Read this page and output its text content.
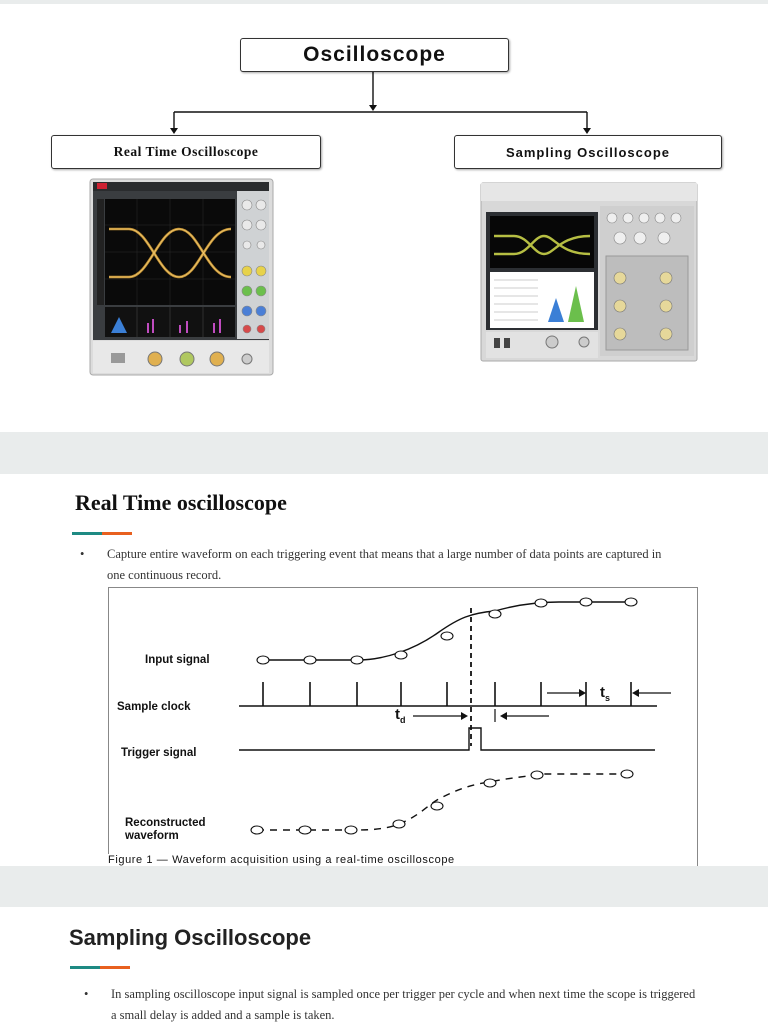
Oscilloscope
Real Time Oscilloscope	Sampling Oscilloscope
Real Time oscilloscope
•	Capture entire waveform on each triggering event that means that a large number of data points are captured in one continuous record.
Input signal
Sample clock
Trigger signal
Reconstructed
waveform
$t_s$
$t_d$
Figure 1 — Waveform acquisition using a real-time oscilloscope
Sampling Oscilloscope
•	In sampling oscilloscope input signal is sampled once per trigger per cycle and when next time the scope is triggered a small delay is added and a sample is taken.
